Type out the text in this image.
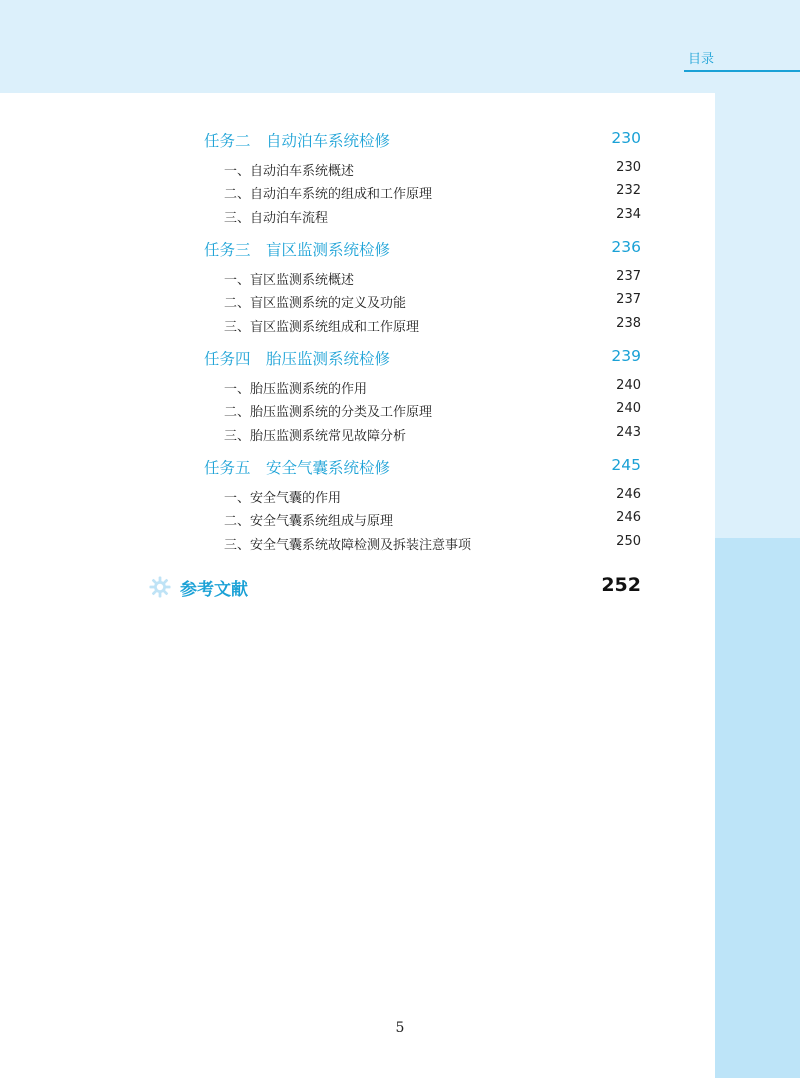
目录
任务二　自动泊车系统检修	230
一、自动泊车系统概述	230
二、自动泊车系统的组成和工作原理	232
三、自动泊车流程	234
任务三　盲区监测系统检修	236
一、盲区监测系统概述	237
二、盲区监测系统的定义及功能	237
三、盲区监测系统组成和工作原理	238
任务四　胎压监测系统检修	239
一、胎压监测系统的作用	240
二、胎压监测系统的分类及工作原理	240
三、胎压监测系统常见故障分析	243
任务五　安全气囊系统检修	245
一、安全气囊的作用	246
二、安全气囊系统组成与原理	246
三、安全气囊系统故障检测及拆装注意事项	250
参考文献	252
5
